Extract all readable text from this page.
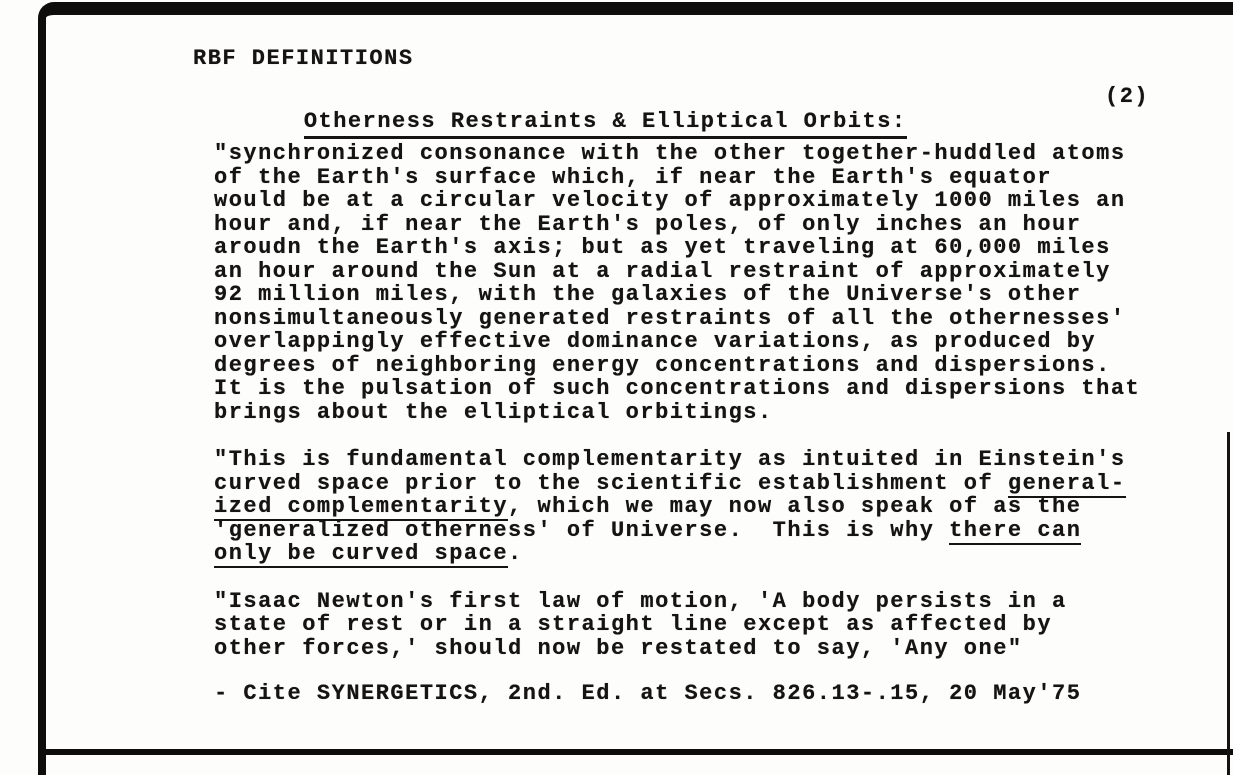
RBF DEFINITIONS

Otherness Restraints & Elliptical Orbits:

(2)

"synchronized consonance with the other together-huddled atoms
of the Earth's surface which, if near the Earth's equator
would be at a circular velocity of approximately 1000 miles an
hour and, if near the Earth's poles, of only inches an hour
aroudn the Earth's axis; but as yet traveling at 60,000 miles
an hour around the Sun at a radial restraint of approximately
92 million miles, with the galaxies of the Universe's other
nonsimultaneously generated restraints of all the othernesses'
overlappingly effective dominance variations, as produced by
degrees of neighboring energy concentrations and dispersions.
It is the pulsation of such concentrations and dispersions that
brings about the elliptical orbitings.
"This is fundamental complementarity as intuited in Einstein's
curved space prior to the scientific establishment of general-
ized complementarity, which we may now also speak of as the
'generalized otherness' of Universe.  This is why there can
only be curved space.
"Isaac Newton's first law of motion, 'A body persists in a
state of rest or in a straight line except as affected by
other forces,' should now be restated to say, 'Any one"
- Cite SYNERGETICS, 2nd. Ed. at Secs. 826.13-.15, 20 May'75
